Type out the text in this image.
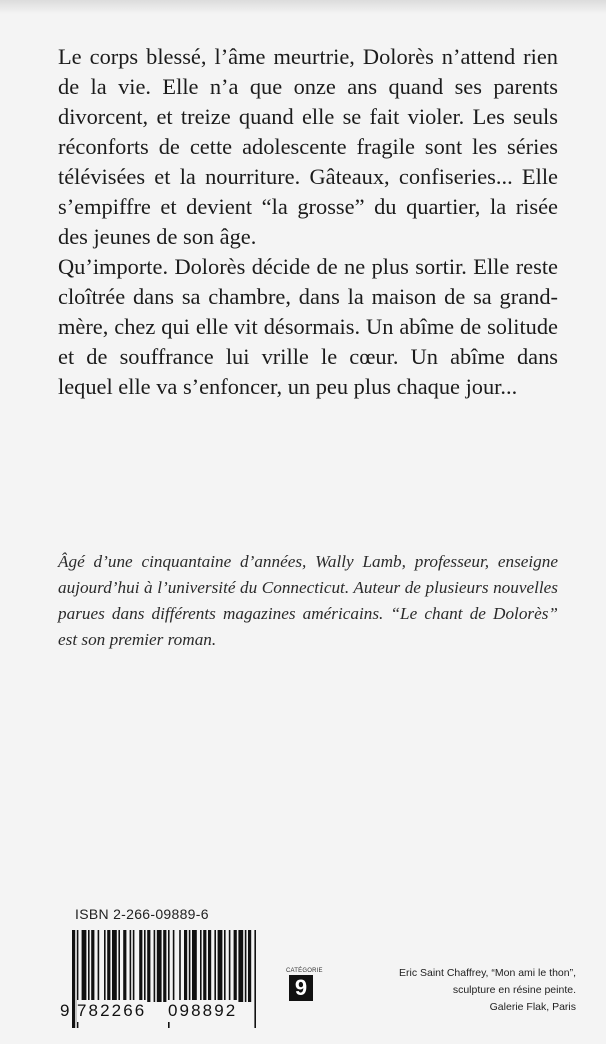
Le corps blessé, l’âme meurtrie, Dolorès n’attend rien de la vie. Elle n’a que onze ans quand ses parents divorcent, et treize quand elle se fait violer. Les seuls réconforts de cette adolescente fragile sont les séries télévisées et la nourriture. Gâteaux, confiseries... Elle s’empiffre et devient “la grosse” du quartier, la risée des jeunes de son âge.

Qu’importe. Dolorès décide de ne plus sortir. Elle reste cloîtrée dans sa chambre, dans la maison de sa grand-mère, chez qui elle vit désormais. Un abîme de solitude et de souffrance lui vrille le cœur. Un abîme dans lequel elle va s’enfoncer, un peu plus chaque jour...

Âgé d’une cinquantaine d’années, Wally Lamb, professeur, enseigne aujourd’hui à l’université du Connecticut. Auteur de plusieurs nouvelles parues dans différents magazines américains. “Le chant de Dolorès” est son premier roman.

ISBN 2-266-09889-6
9 782266 098892
CATÉGORIE
9
Eric Saint Chaffrey, “Mon ami le thon”,
sculpture en résine peinte.
Galerie Flak, Paris
